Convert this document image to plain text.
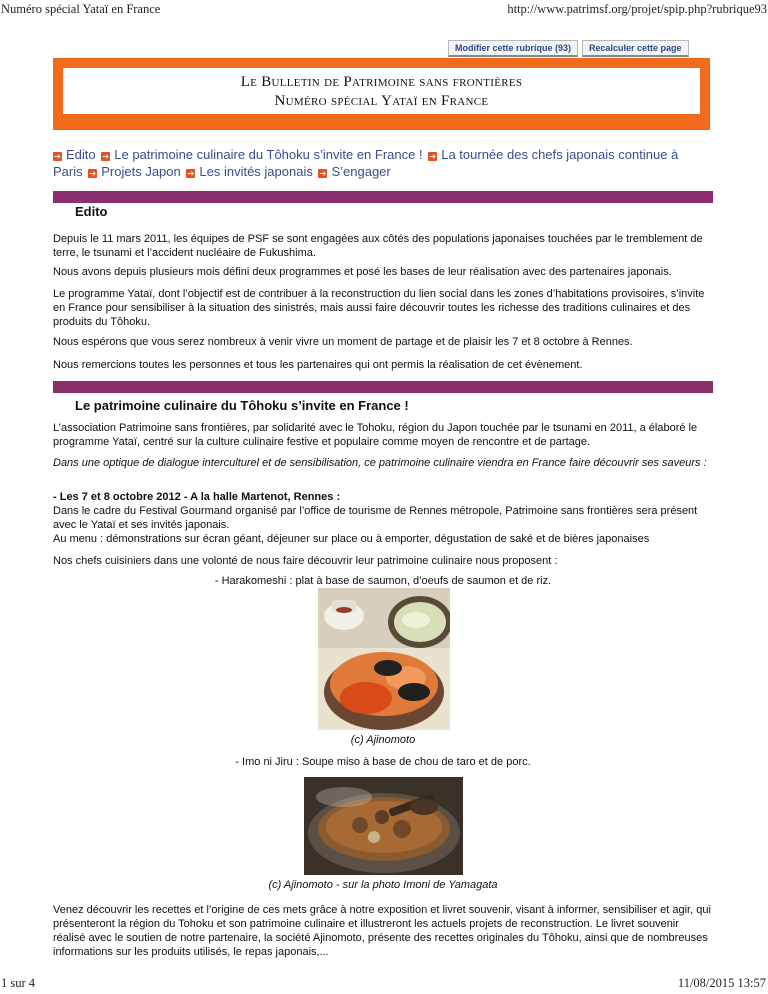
Numéro spécial Yataï en France	http://www.patrimsf.org/projet/spip.php?rubrique93
Modifier cette rubrique (93)	Recalculer cette page
Le Bulletin de Patrimoine sans frontières
Numéro spécial Yataï en France
➔ Edito ➔ Le patrimoine culinaire du Tôhoku s’invite en France ! ➔ La tournée des chefs japonais continue à Paris ➔ Projets Japon ➔ Les invités japonais ➔ S’engager
Edito
Depuis le 11 mars 2011, les équipes de PSF se sont engagées aux côtés des populations japonaises touchées par le tremblement de terre, le tsunami et l’accident nucléaire de Fukushima.
Nous avons depuis plusieurs mois défini deux programmes et posé les bases de leur réalisation avec des partenaires japonais.
Le programme Yataï, dont l’objectif est de contribuer à la reconstruction du lien social dans les zones d’habitations provisoires, s’invite en France pour sensibiliser à la situation des sinistrés, mais aussi faire découvrir toutes les richesse des traditions culinaires et des produits du Tôhoku.
Nous espérons que vous serez nombreux à venir vivre un moment de partage et de plaisir les 7 et 8 octobre à Rennes.
Nous remercions toutes les personnes et tous les partenaires qui ont permis la réalisation de cet évènement.
Le patrimoine culinaire du Tôhoku s’invite en France !
L’association Patrimoine sans frontières, par solidarité avec le Tohoku, région du Japon touchée par le tsunami en 2011, a élaboré le programme Yataï, centré sur la culture culinaire festive et populaire comme moyen de rencontre et de partage.
Dans une optique de dialogue interculturel et de sensibilisation, ce patrimoine culinaire viendra en France faire découvrir ses saveurs :
- Les 7 et 8 octobre 2012 - A la halle Martenot, Rennes :
Dans le cadre du Festival Gourmand organisé par l’office de tourisme de Rennes métropole, Patrimoine sans frontières sera présent avec le Yataï et ses invités japonais.
Au menu : démonstrations sur écran géant, déjeuner sur place ou à emporter, dégustation de saké et de bières japonaises
Nos chefs cuisiniers dans une volonté de nous faire découvrir leur patrimoine culinaire nous proposent :
- Harakomeshi : plat à base de saumon, d’oeufs de saumon et de riz.
(c) Ajinomoto
- Imo ni Jiru : Soupe miso à base de chou de taro et de porc.
(c) Ajinomoto - sur la photo Imoni de Yamagata
Venez découvrir les recettes et l’origine de ces mets grâce à notre exposition et livret souvenir, visant à informer, sensibiliser et agir, qui présenteront la région du Tohoku et son patrimoine culinaire et illustreront les actuels projets de reconstruction. Le livret souvenir réalisé avec le soutien de notre partenaire, la société Ajinomoto, présente des recettes originales du Tôhoku, ainsi que de nombreuses informations sur les produits utilisés, le repas japonais,...
1 sur 4	11/08/2015 13:57
